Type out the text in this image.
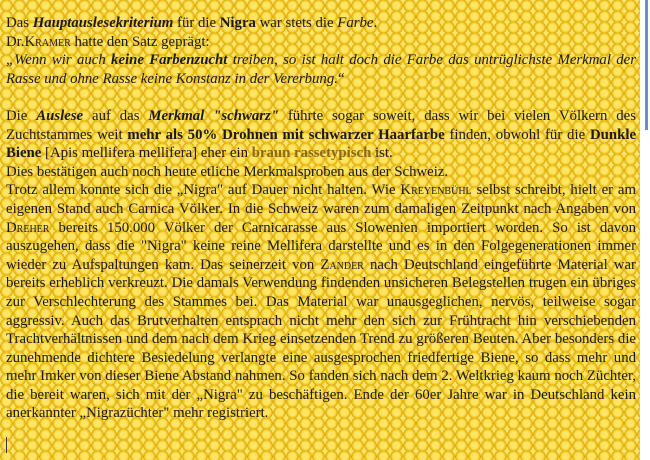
Das Hauptauslesekriterium für die Nigra war stets die Farbe.

Dr.Kramer hatte den Satz geprägt:

„Wenn wir auch keine Farbenzucht treiben, so ist halt doch die Farbe das untrüglichste Merkmal der Rasse und ohne Rasse keine Konstanz in der Vererbung.“

Die Auslese auf das Merkmal "schwarz" führte sogar soweit, dass wir bei vielen Völkern des Zuchtstammes weit mehr als 50% Drohnen mit schwarzer Haarfarbe finden, obwohl für die Dunkle Biene [Apis mellifera mellifera] eher ein braun rassetypisch ist.

Dies bestätigen auch noch heute etliche Merkmalsproben aus der Schweiz.

Trotz allem konnte sich die „Nigra" auf Dauer nicht halten. Wie Kreyenbühl selbst schreibt, hielt er am eigenen Stand auch Carnica Völker. In die Schweiz waren zum damaligen Zeitpunkt nach Angaben von Dreher bereits 150.000 Völker der Carnicarasse aus Slowenien importiert worden. So ist davon auszugehen, dass die "Nigra" keine reine Mellifera darstellte und es in den Folgegenerationen immer wieder zu Aufspaltungen kam. Das seinerzeit von Zander nach Deutschland eingeführte Material war bereits erheblich verkreuzt. Die damals Verwendung findenden unsicheren Belegstellen trugen ein übriges zur Verschlechterung des Stammes bei. Das Material war unausgeglichen, nervös, teilweise sogar aggressiv. Auch das Brutverhalten entsprach nicht mehr den sich zur Frühtracht hin verschiebenden Trachtverhältnissen und dem nach dem Krieg einsetzenden Trend zu größeren Beuten. Aber besonders die zunehmende dichtere Besiedelung verlangte eine ausgesprochen friedfertige Biene, so dass mehr und mehr Imker von dieser Biene Abstand nahmen. So fanden sich nach dem 2. Weltkrieg kaum noch Züchter, die bereit waren, sich mit der „Nigra" zu beschäftigen. Ende der 60er Jahre war in Deutschland kein anerkannter „Nigrazüchter" mehr registriert.
